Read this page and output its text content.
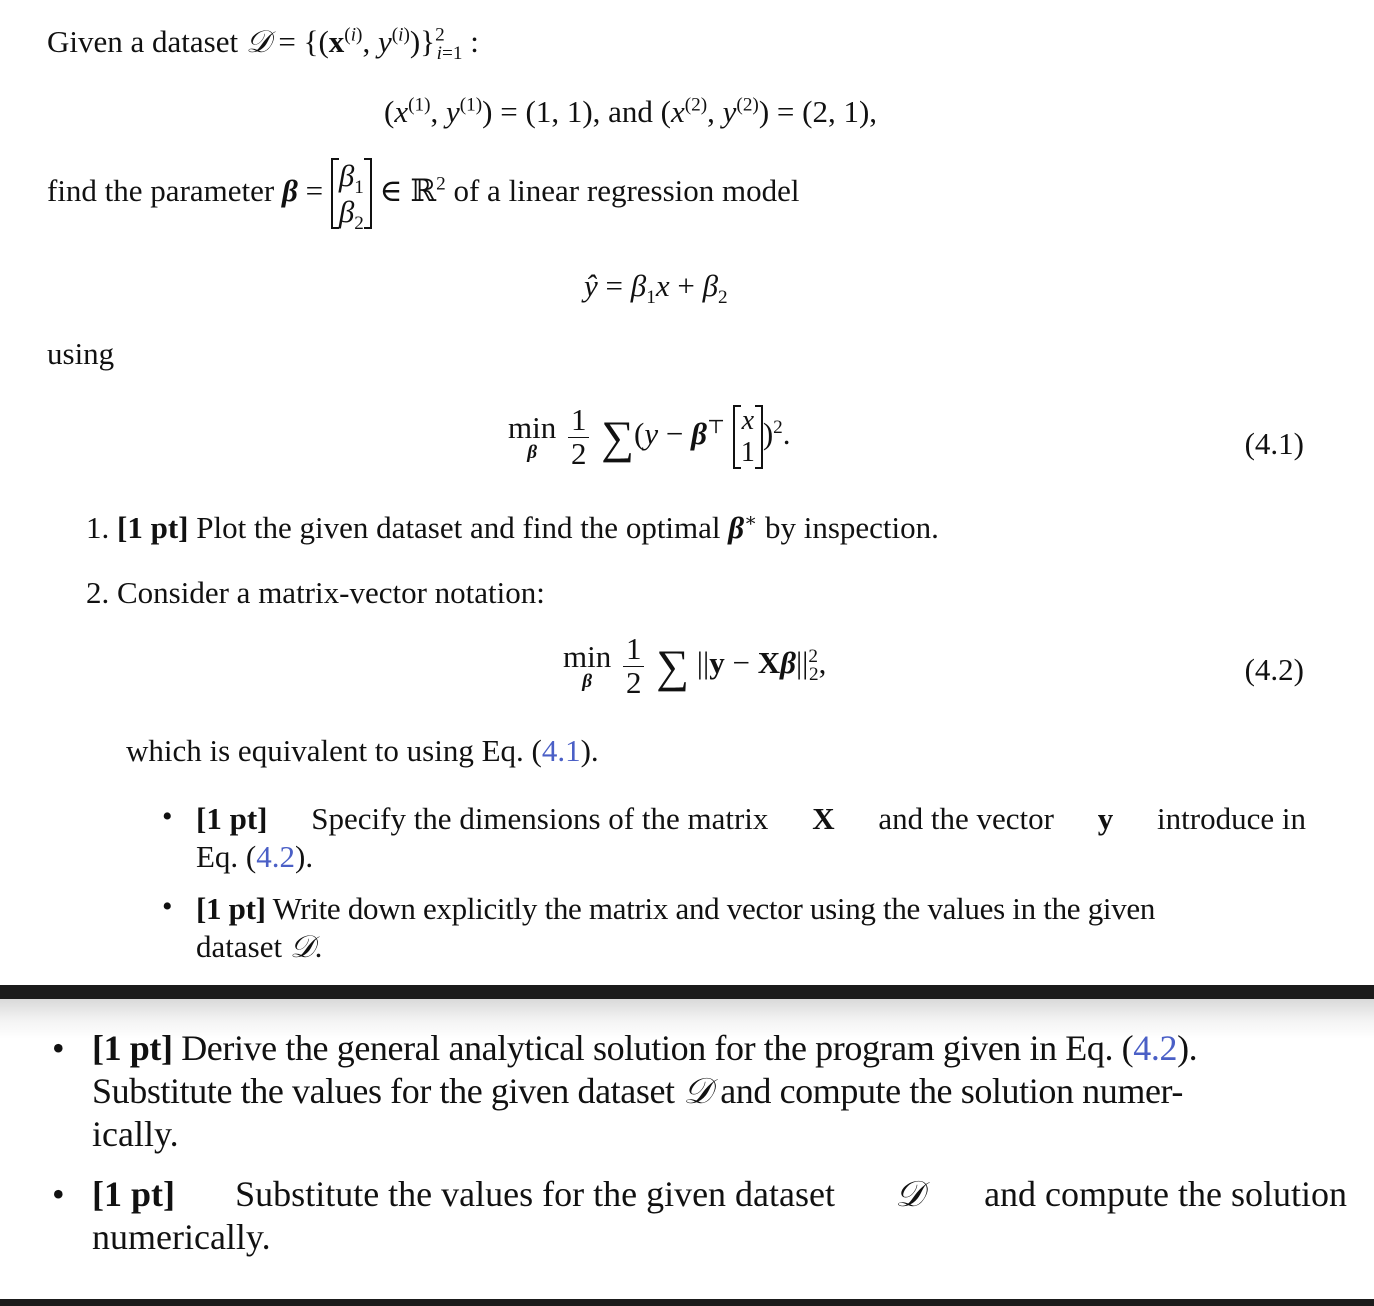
Given a dataset 𝒟 = {($x^{(i)}$, $y^{(i)})\}^2_{i=1}$ :
($x^{(1)}$, $y^{(1)}) = (1$, 1), and ($x^{(2)}$, $y^{(2)}) = (2$, 1),
find the parameter $\beta = \beta_1$
$\beta_2$ ∈ ℝ$^2$ of a linear regression model
ŷ = $\beta_1x + \beta_2$
using
min
β
$\frac{1}{2} \sum(y - \beta^⊤$ x
1)$^2$.	(4.1)
1. [1 pt] Plot the given dataset and find the optimal β∗ by inspection.
2. Consider a matrix-vector notation:
min
β
$\frac{1}{2}$ ∑ $||y - X\beta||^2_2$,	(4.2)
which is equivalent to using Eq. (4.1).
• [1 pt] Specify the dimensions of the matrix X and the vector y introduce in
Eq. (4.2).
• [1 pt] Write down explicitly the matrix and vector using the values in the given
dataset 𝒟.
• [1 pt] Derive the general analytical solution for the program given in Eq. (4.2).
Substitute the values for the given dataset 𝒟 and compute the solution numer-
ically.
• [1 pt] Substitute the values for the given dataset 𝒟 and compute the solution
numerically.
